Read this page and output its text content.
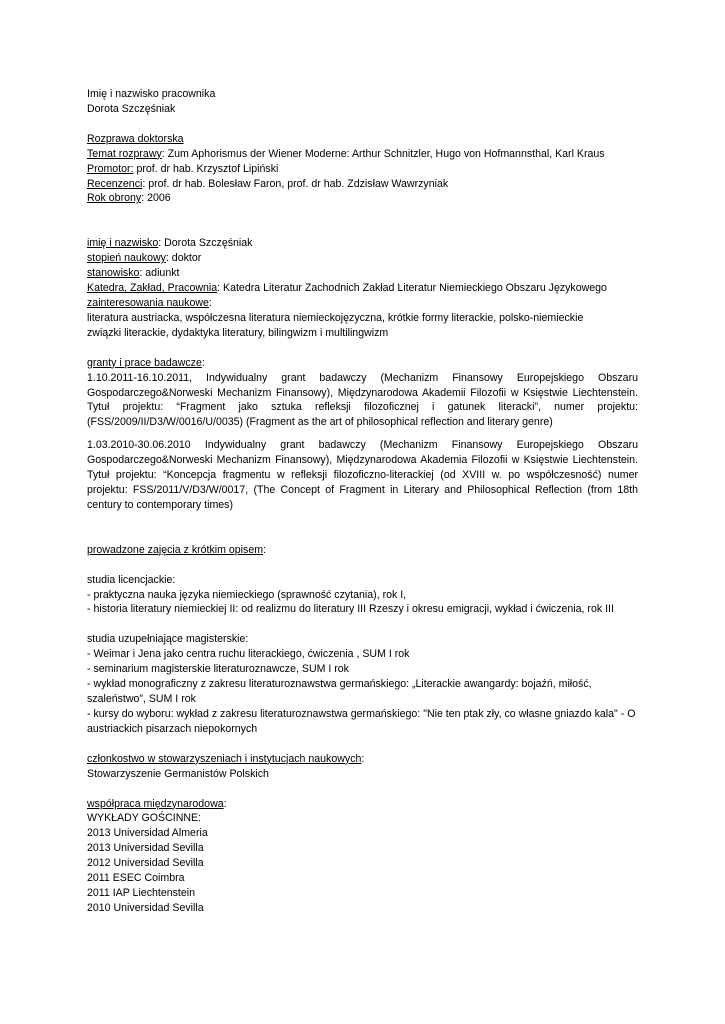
Imię i nazwisko pracownika
Dorota Szczęśniak
Rozprawa doktorska
Temat rozprawy: Zum Aphorismus der Wiener Moderne: Arthur Schnitzler, Hugo von Hofmannsthal, Karl Kraus
Promotor: prof. dr hab. Krzysztof Lipiński
Recenzenci: prof. dr hab. Bolesław Faron, prof. dr hab. Zdzisław Wawrzyniak
Rok obrony: 2006
imię i nazwisko: Dorota Szczęśniak
stopień naukowy: doktor
stanowisko: adiunkt
Katedra, Zakład, Pracownia: Katedra Literatur Zachodnich Zakład Literatur Niemieckiego Obszaru Językowego
zainteresowania naukowe:
literatura austriacka, współczesna literatura niemieckojęzyczna, krótkie formy literackie, polsko-niemieckie
związki literackie, dydaktyka literatury, bilingwizm i multilingwizm
granty i prace badawcze:

1.10.2011-16.10.2011, Indywidualny grant badawczy (Mechanizm Finansowy Europejskiego Obszaru Gospodarczego&Norweski Mechanizm Finansowy), Międzynarodowa Akademii Filozofii w Księstwie Liechtenstein. Tytuł projektu: “Fragment jako sztuka refleksji filozoficznej i gatunek literacki”, numer projektu: (FSS/2009/II/D3/W/0016/U/0035) (Fragment as the art of philosophical reflection and literary genre)

1.03.2010-30.06.2010 Indywidualny grant badawczy (Mechanizm Finansowy Europejskiego Obszaru Gospodarczego&Norweski Mechanizm Finansowy), Międzynarodowa Akademia Filozofii w Księstwie Liechtenstein. Tytuł projektu: “Koncepcja fragmentu w refleksji filozoficzno-literackiej (od XVIII w. po współczesność) numer projektu: FSS/2011/V/D3/W/0017, (The Concept of Fragment in Literary and Philosophical Reflection (from 18th century to contemporary times)

prowadzone zajęcia z krótkim opisem:
studia licencjackie:
- praktyczna nauka języka niemieckiego (sprawność czytania), rok I,

- historia literatury niemieckiej II: od realizmu do literatury III Rzeszy i okresu emigracji, wykład i ćwiczenia, rok III

studia uzupełniające magisterskie:
- Weimar i Jena jako centra ruchu literackiego, ćwiczenia , SUM I rok
- seminarium magisterskie literaturoznawcze, SUM I rok

- wykład monograficzny z zakresu literaturoznawstwa germańskiego: „Literackie awangardy: bojaźń, miłość, szaleństwo”, SUM I rok

- kursy do wyboru: wykład z zakresu literaturoznawstwa germańskiego: "Nie ten ptak zły, co własne gniazdo kala" - O austriackich pisarzach niepokornych

członkostwo w stowarzyszeniach i instytucjach naukowych:
Stowarzyszenie Germanistów Polskich
współpraca międzynarodowa:
WYKŁADY GOŚCINNE:
2013 Universidad Almeria
2013 Universidad Sevilla
2012 Universidad Sevilla
2011 ESEC Coimbra
2011 IAP Liechtenstein
2010 Universidad Sevilla
